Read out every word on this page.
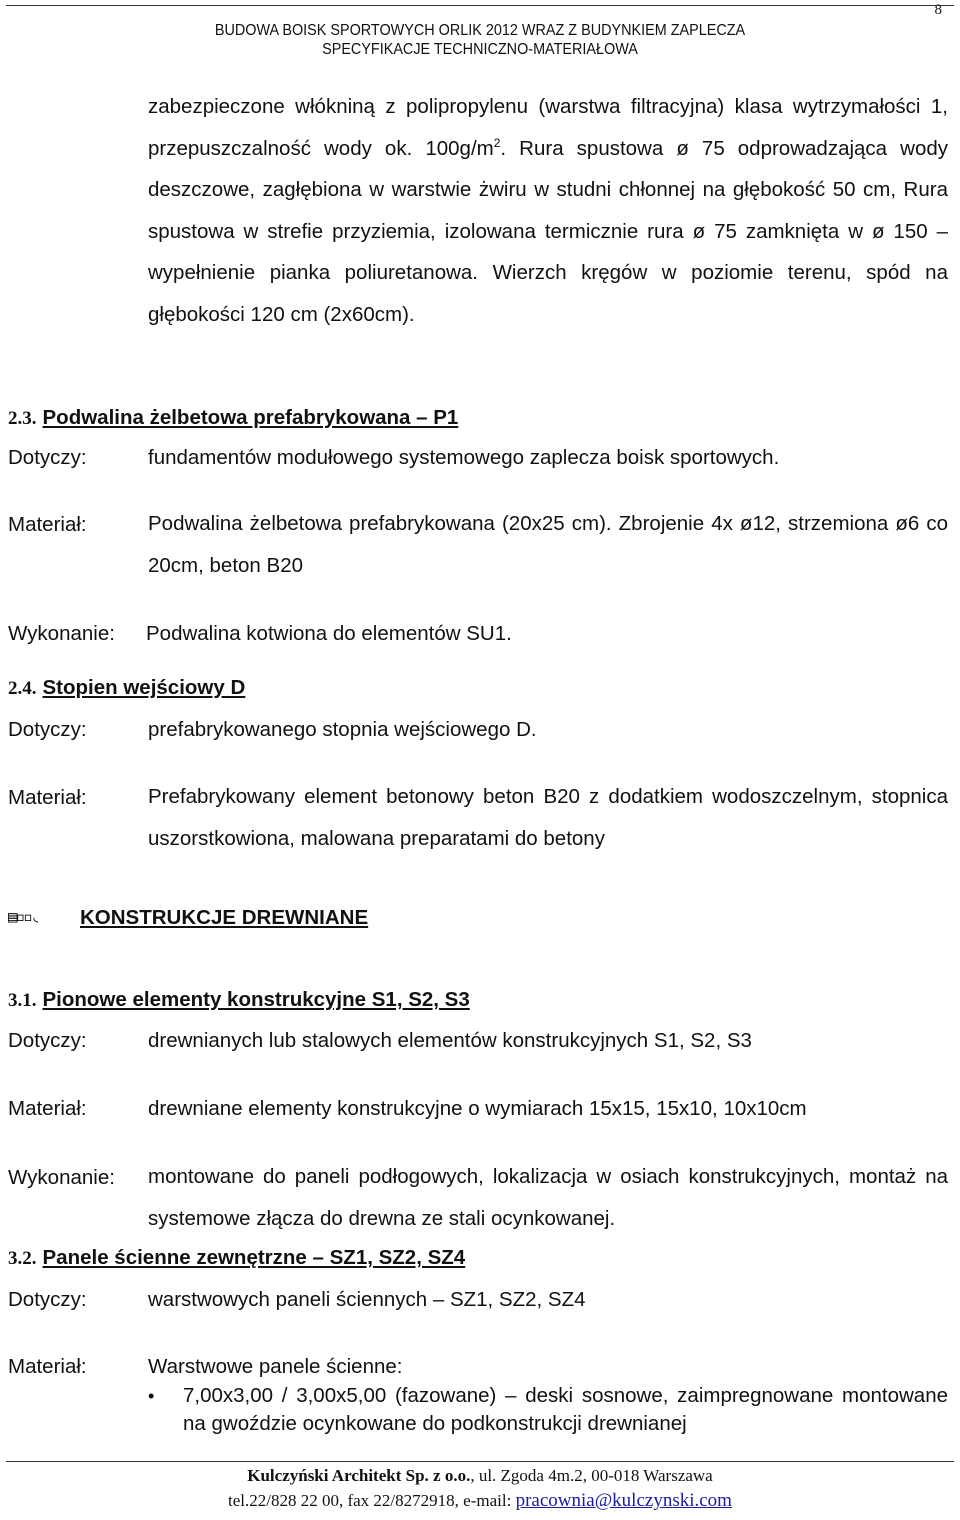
8
BUDOWA BOISK SPORTOWYCH ORLIK 2012 WRAZ Z BUDYNKIEM ZAPLECZA
SPECYFIKACJE TECHNICZNO-MATERIAŁOWA

zabezpieczone włókniną z polipropylenu (warstwa filtracyjna) klasa wytrzymałości 1, przepuszczalność wody ok. $100g/m^2$. Rura spustowa ø 75 odprowadzająca wody deszczowe, zagłębiona w warstwie żwiru w studni chłonnej na głębokość 50 cm, Rura spustowa w strefie przyziemia, izolowana termicznie rura ø 75 zamknięta w ø 150 – wypełnienie pianka poliuretanowa. Wierzch kręgów w poziomie terenu, spód na głębokości 120 cm (2x60cm).

2.3. Podwalina żelbetowa prefabrykowana – P1
Dotyczy:	fundamentów modułowego systemowego zaplecza boisk sportowych.
Materiał:	Podwalina żelbetowa prefabrykowana (20x25 cm). Zbrojenie 4x ø12, strzemiona ø6 co 20cm, beton B20
Wykonanie: Podwalina kotwiona do elementów SU1.
2.4. Stopien wejściowy D
Dotyczy:	prefabrykowanego stopnia wejściowego D.
Materiał:	Prefabrykowany element betonowy beton B20 z dodatkiem wodoszczelnym, stopnica uszorstkowiona, malowana preparatami do betony
▤▫▫◟ KONSTRUKCJE DREWNIANE
3.1. Pionowe elementy konstrukcyjne S1, S2, S3
Dotyczy:	drewnianych lub stalowych elementów konstrukcyjnych S1, S2, S3
Materiał:	drewniane elementy konstrukcyjne o wymiarach 15x15, 15x10, 10x10cm
Wykonanie: montowane do paneli podłogowych, lokalizacja w osiach konstrukcyjnych, montaż na systemowe złącza do drewna ze stali ocynkowanej.
3.2. Panele ścienne zewnętrzne – SZ1, SZ2, SZ4
Dotyczy:	warstwowych paneli ściennych – SZ1, SZ2, SZ4
Materiał:	Warstwowe panele ścienne:
• 7,00x3,00 / 3,00x5,00 (fazowane) – deski sosnowe, zaimpregnowane montowane na gwoździe ocynkowane do podkonstrukcji drewnianej
Kulczyński Architekt Sp. z o.o., ul. Zgoda 4m.2, 00-018 Warszawa
tel.22/828 22 00, fax 22/8272918, e-mail: pracownia@kulczynski.com
